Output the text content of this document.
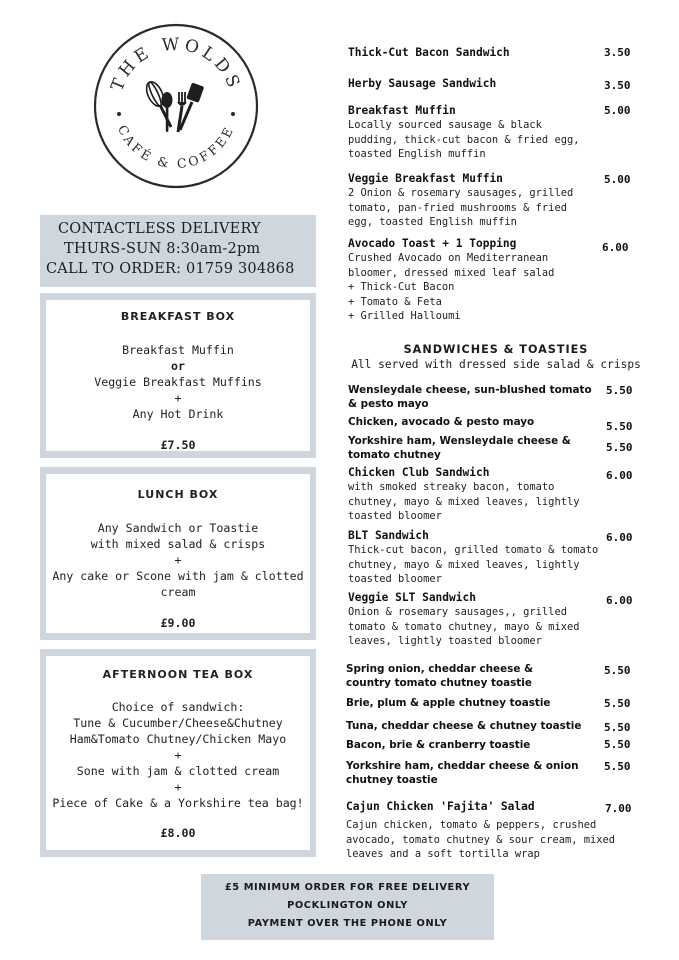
THE WOLDS
CAFÉ & COFFEE
CONTACTLESS DELIVERY
THURS-SUN 8:30am-2pm
CALL TO ORDER: 01759 304868
BREAKFAST BOX
Breakfast Muffin
or
Veggie Breakfast Muffins
+
Any Hot Drink
£7.50
LUNCH BOX
Any Sandwich or Toastie
with mixed salad & crisps
+
Any cake or Scone with jam & clotted
cream
£9.00
AFTERNOON TEA BOX
Choice of sandwich:
Tune & Cucumber/Cheese&Chutney
Ham&Tomato Chutney/Chicken Mayo
+
Sone with jam & clotted cream
+
Piece of Cake & a Yorkshire tea bag!
£8.00
Thick-Cut Bacon Sandwich	3.50
Herby Sausage Sandwich	3.50
Breakfast Muffin
Locally sourced sausage & black
pudding, thick-cut bacon & fried egg,
toasted English muffin
5.00
Veggie Breakfast Muffin
2 Onion & rosemary sausages, grilled
tomato, pan-fried mushrooms & fried
egg, toasted English muffin
5.00
Avocado Toast + 1 Topping
Crushed Avocado on Mediterranean
bloomer, dressed mixed leaf salad
+ Thick-Cut Bacon
+ Tomato & Feta
+ Grilled Halloumi
6.00
SANDWICHES & TOASTIES
All served with dressed side salad & crisps
Wensleydale cheese, sun-blushed tomato & pesto mayo
5.50
Chicken, avocado & pesto mayo	5.50
Yorkshire ham, Wensleydale cheese & tomato chutney
5.50
Chicken Club Sandwich
with smoked streaky bacon, tomato
chutney, mayo & mixed leaves, lightly
toasted bloomer
6.00
BLT Sandwich
Thick-cut bacon, grilled tomato & tomato
chutney, mayo & mixed leaves, lightly
toasted bloomer
6.00
Veggie SLT Sandwich
Onion & rosemary sausages,, grilled
tomato & tomato chutney, mayo & mixed
leaves, lightly toasted bloomer
6.00
Spring onion, cheddar cheese & country tomato chutney toastie
5.50
Brie, plum & apple chutney toastie	5.50
Tuna, cheddar cheese & chutney toastie	5.50
Bacon, brie & cranberry toastie	5.50
Yorkshire ham, cheddar cheese & onion chutney toastie
5.50
Cajun Chicken 'Fajita' Salad
Cajun chicken, tomato & peppers, crushed
avocado, tomato chutney & sour cream, mixed
leaves and a soft tortilla wrap
7.00
£5 MINIMUM ORDER FOR FREE DELIVERY
POCKLINGTON ONLY
PAYMENT OVER THE PHONE ONLY
